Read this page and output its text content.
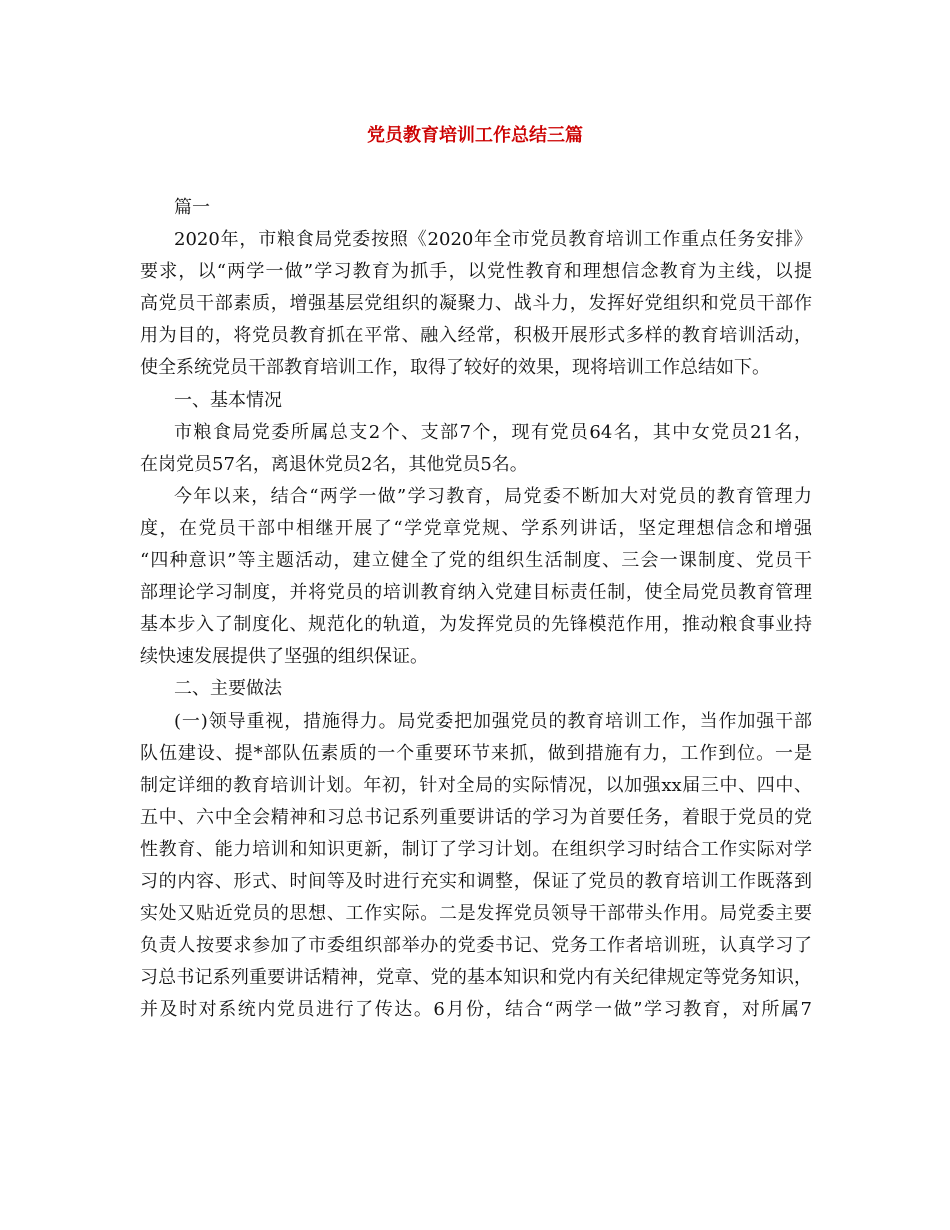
党员教育培训工作总结三篇
篇一
2020年，市粮食局党委按照《2020年全市党员教育培训工作重点任务安排》
要求，以“两学一做”学习教育为抓手，以党性教育和理想信念教育为主线，以提
高党员干部素质，增强基层党组织的凝聚力、战斗力，发挥好党组织和党员干部作
用为目的，将党员教育抓在平常、融入经常，积极开展形式多样的教育培训活动，
使全系统党员干部教育培训工作，取得了较好的效果，现将培训工作总结如下。
一、基本情况
市粮食局党委所属总支2个、支部7个，现有党员64名，其中女党员21名，
在岗党员57名，离退休党员2名，其他党员5名。
今年以来，结合“两学一做”学习教育，局党委不断加大对党员的教育管理力
度，在党员干部中相继开展了“学党章党规、学系列讲话，坚定理想信念和增强
“四种意识”等主题活动，建立健全了党的组织生活制度、三会一课制度、党员干
部理论学习制度，并将党员的培训教育纳入党建目标责任制，使全局党员教育管理
基本步入了制度化、规范化的轨道，为发挥党员的先锋模范作用，推动粮食事业持
续快速发展提供了坚强的组织保证。
二、主要做法
(一)领导重视，措施得力。局党委把加强党员的教育培训工作，当作加强干部
队伍建设、提*部队伍素质的一个重要环节来抓，做到措施有力，工作到位。一是
制定详细的教育培训计划。年初，针对全局的实际情况，以加强xx届三中、四中、
五中、六中全会精神和习总书记系列重要讲话的学习为首要任务，着眼于党员的党
性教育、能力培训和知识更新，制订了学习计划。在组织学习时结合工作实际对学
习的内容、形式、时间等及时进行充实和调整，保证了党员的教育培训工作既落到
实处又贴近党员的思想、工作实际。二是发挥党员领导干部带头作用。局党委主要
负责人按要求参加了市委组织部举办的党委书记、党务工作者培训班，认真学习了
习总书记系列重要讲话精神，党章、党的基本知识和党内有关纪律规定等党务知识，
并及时对系统内党员进行了传达。6月份，结合“两学一做”学习教育，对所属7
